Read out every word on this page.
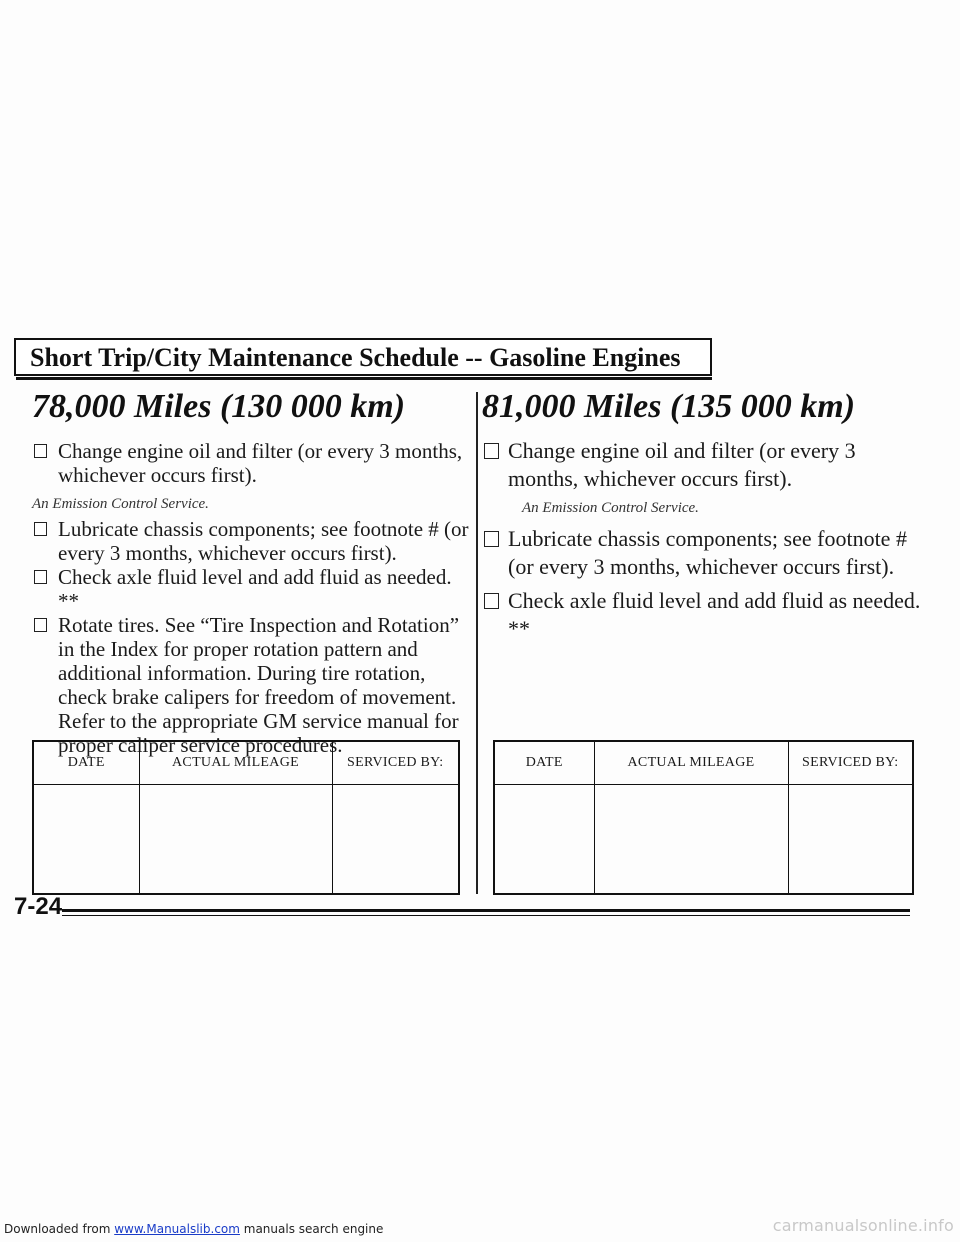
Short Trip/City Maintenance Schedule -- Gasoline Engines
78,000 Miles (130 000 km)
Change engine oil and filter (or every 3 months, whichever occurs first).
An Emission Control Service.
Lubricate chassis components; see footnote # (or every 3 months, whichever occurs first).
Check axle fluid level and add fluid as needed. **
Rotate tires. See “Tire Inspection and Rotation” in the Index for proper rotation pattern and additional information. During tire rotation, check brake calipers for freedom of movement. Refer to the appropriate GM service manual for proper caliper service procedures.
81,000 Miles (135 000 km)
Change engine oil and filter (or every 3 months, whichever occurs first).
An Emission Control Service.
Lubricate chassis components; see footnote # (or every 3 months, whichever occurs first).
Check axle fluid level and add fluid as needed. **
DATE	ACTUAL MILEAGE	SERVICED BY:
			DATE	ACTUAL MILEAGE	SERVICED BY:

7-24
Downloaded from www.Manualslib.com manuals search engine	carmanualsonline.info
